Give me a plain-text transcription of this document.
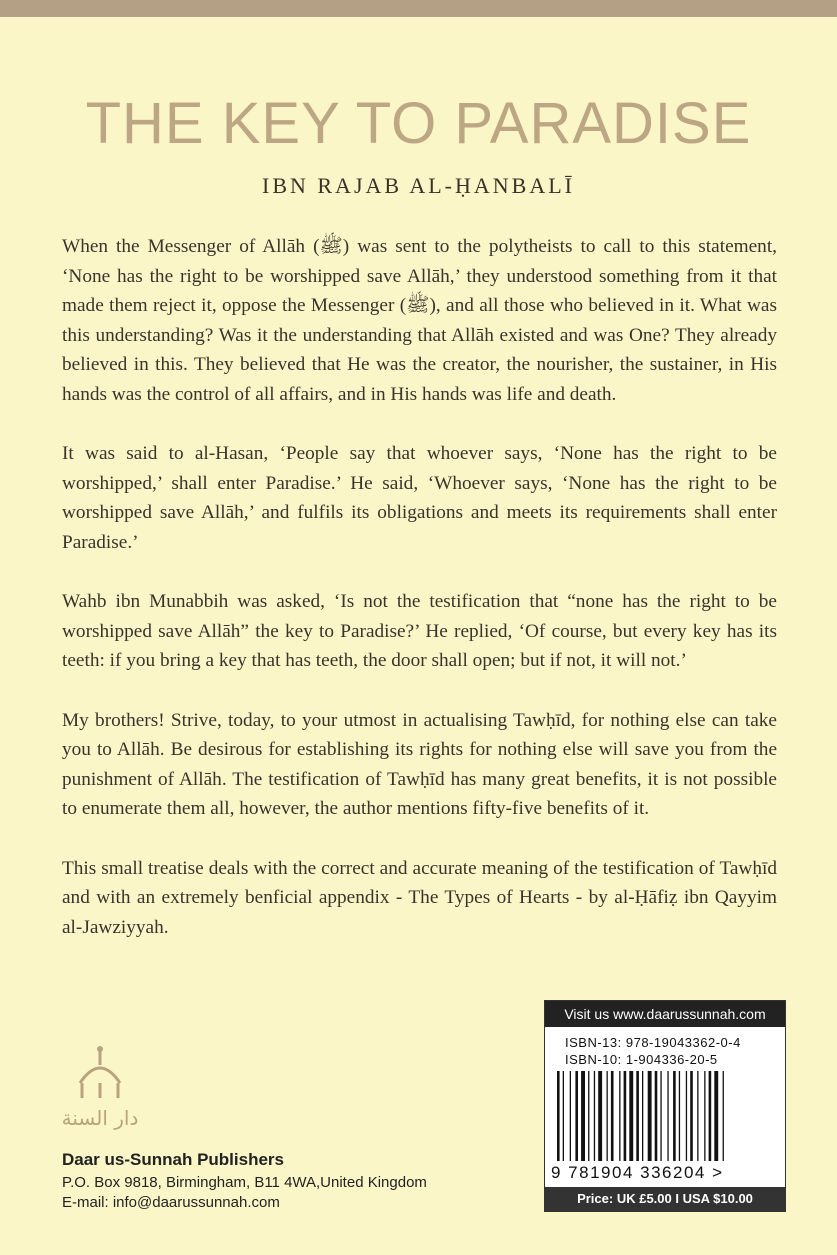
THE KEY TO PARADISE
IBN RAJAB AL-ḤANBALĪ

When the Messenger of Allāh (ﷺ) was sent to the polytheists to call to this statement, ‘None has the right to be worshipped save Allāh,’ they understood something from it that made them reject it, oppose the Messenger (ﷺ), and all those who believed in it. What was this understanding? Was it the understanding that Allāh existed and was One? They already believed in this. They believed that He was the creator, the nourisher, the sustainer, in His hands was the control of all affairs, and in His hands was life and death.

It was said to al-Hasan, ‘People say that whoever says, ‘None has the right to be worshipped,’ shall enter Paradise.’ He said, ‘Whoever says, ‘None has the right to be worshipped save Allāh,’ and fulfils its obligations and meets its requirements shall enter Paradise.’

Wahb ibn Munabbih was asked, ‘Is not the testification that “none has the right to be worshipped save Allāh” the key to Paradise?’ He replied, ‘Of course, but every key has its teeth: if you bring a key that has teeth, the door shall open; but if not, it will not.’

My brothers! Strive, today, to your utmost in actualising Tawḥīd, for nothing else can take you to Allāh. Be desirous for establishing its rights for nothing else will save you from the punishment of Allāh. The testification of Tawḥīd has many great benefits, it is not possible to enumerate them all, however, the author mentions fifty-five benefits of it.

This small treatise deals with the correct and accurate meaning of the testification of Tawḥīd and with an extremely benficial appendix - The Types of Hearts - by al-Ḥāfiẓ ibn Qayyim al-Jawziyyah.

دار السنة
Daar us-Sunnah Publishers
P.O. Box 9818, Birmingham, B11 4WA,United Kingdom
E-mail: info@daarussunnah.com
Visit us www.daarussunnah.com
ISBN-13: 978-19043362-0-4
ISBN-10: 1-904336-20-5
9 781904 336204 >
Price: UK £5.00 I USA $10.00
